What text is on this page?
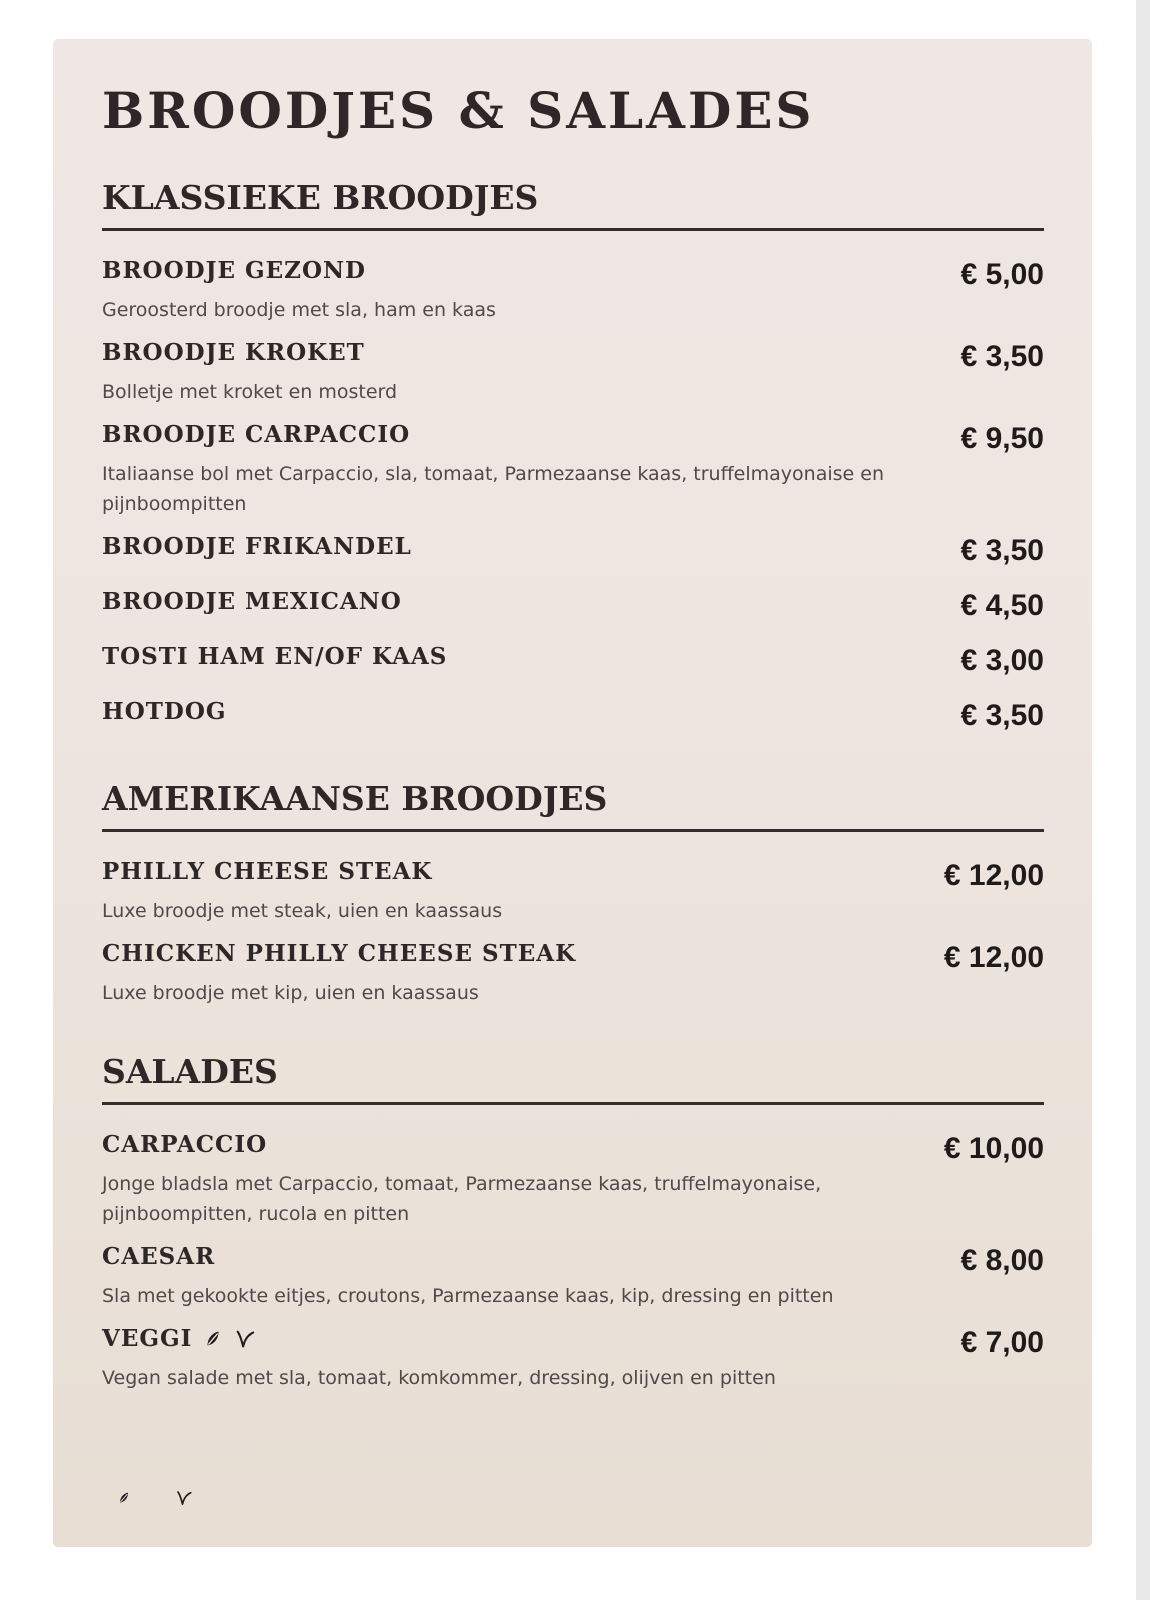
BROODJES & SALADES
KLASSIEKE BROODJES
BROODJE GEZOND
Geroosterd broodje met sla, ham en kaas
€ 5,00
BROODJE KROKET
Bolletje met kroket en mosterd
€ 3,50
BROODJE CARPACCIO
Italiaanse bol met Carpaccio, sla, tomaat, Parmezaanse kaas, truffelmayonaise en pijnboompitten
€ 9,50
BROODJE FRIKANDEL	€ 3,50
BROODJE MEXICANO	€ 4,50
TOSTI HAM EN/OF KAAS	€ 3,00
HOTDOG	€ 3,50
AMERIKAANSE BROODJES
PHILLY CHEESE STEAK
Luxe broodje met steak, uien en kaassaus
€ 12,00
CHICKEN PHILLY CHEESE STEAK
Luxe broodje met kip, uien en kaassaus
€ 12,00
SALADES
CARPACCIO
Jonge bladsla met Carpaccio, tomaat, Parmezaanse kaas, truffelmayonaise, pijnboompitten, rucola en pitten
€ 10,00
CAESAR
Sla met gekookte eitjes, croutons, Parmezaanse kaas, kip, dressing en pitten
€ 8,00
VEGGI
Vegan salade met sla, tomaat, komkommer, dressing, olijven en pitten
€ 7,00
